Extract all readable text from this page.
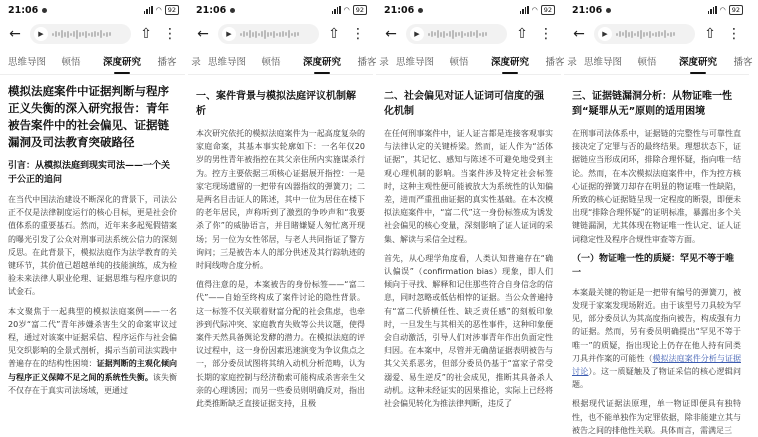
21:06	◠ 92
←	▶	⇧ ⋮
思维导图	顿悟	深度研究	播客
模拟法庭案件中证据判断与程序正义失衡的深入研究报告：青年被告案件中的社会偏见、证据链漏洞及司法教育突破路径
引言：从模拟法庭到现实司法——一个关于公正的追问
在当代中国法治建设不断深化的背景下，司法公正不仅是法律制度运行的核心目标，更是社会价值体系的重要基石。然而，近年来多起冤假错案的曝光引发了公众对刑事司法系统公信力的深刻反思。在此背景下，模拟法庭作为法学教育的关键环节，其价值已超越单纯的技能演练，成为检验未来法律人职业伦理、证据思维与程序意识的试金石。
本文聚焦于一起典型的模拟法庭案例——一名20岁“富二代”青年涉嫌杀害生父的命案审议过程，通过对该案中证据采信、程序运作与社会偏见交织影响的全景式剖析，揭示当前司法实践中普遍存在的结构性困境：证据判断的主观化倾向与程序正义保障不足之间的系统性失衡。该失衡不仅存在于真实司法场域，更通过
21:06	◠ 92
←	▶	⇧ ⋮
录 思维导图	顿悟	深度研究	播客
一、案件背景与模拟法庭评议机制解析
本次研究依托的模拟法庭案件为一起高度复杂的家庭命案，其基本事实轮廓如下：一名年仅20岁的男性青年被指控在其父亲住所内实施谋杀行为。控方主要依据三项核心证据展开指控：一是家宅现场遗留的一把带有凶器指纹的弹簧刀；二是两名目击证人的陈述，其中一位为居住在楼下的老年居民，声称听到了激烈的争吵声和“我要杀了你”的威胁语言，并目睹嫌疑人匆忙离开现场；另一位为女性邻居，与老人共同指证了警方询问；三是被告本人的部分供述及其行踪轨迹的时间线吻合度分析。
值得注意的是，本案被告的身份标签——“富二代”——自始至终构成了案件讨论的隐性背景。这一标签不仅关联着财富分配的社会焦虑，也牵涉到代际冲突、家庭教育失败等公共议题，使得案件天然具备舆论发酵的潜力。在模拟法庭的评议过程中，这一身份因素迅速演变为争议焦点之一，部分委员试图将其纳入动机分析范畴，认为长期的家庭控制与经济勒索可能构成杀害亲生父亲的心理诱因；而另一些委员则明确反对，指出此类推断缺乏直接证据支持，且极
21:06	◠ 92
←	▶	⇧ ⋮
录 思维导图	顿悟	深度研究	播客
二、社会偏见对证人证词可信度的强化机制
在任何刑事案件中，证人证言都是连接客观事实与法律认定的关键桥梁。然而，证人作为“活体证据”，其记忆、感知与陈述不可避免地受到主观心理机制的影响。当案件涉及特定社会标签时，这种主观性便可能被放大为系统性的认知偏差，进而严重扭曲证据的真实性基础。在本次模拟法庭案件中，“富二代”这一身份标签成为诱发社会偏见的核心变量，深刻影响了证人证词的采集、解读与采信全过程。
首先，从心理学角度看，人类认知普遍存在“确认偏误”（confirmation bias）现象，即人们倾向于寻找、解释和记住那些符合自身信念的信息，同时忽略或低估相悖的证据。当公众普遍持有“富二代骄横任性、缺乏责任感”的刻板印象时，一旦发生与其相关的恶性事件，这种印象便会自动激活，引导人们对涉事青年作出负面定性归因。在本案中，尽管并无确凿证据表明被告与其父关系恶劣，但部分委员仍基于“富家子常受溺爱、易生逆反”的社会成见，推断其具备杀人动机。这种未经证实的因果推论，实际上已经将社会偏见转化为推法律判断，违反了
21:06	◠ 92
←	▶	⇧ ⋮
录 思维导图	顿悟	深度研究	播客
三、证据链漏洞分析：从物证唯一性到“疑罪从无”原则的适用困境
在刑事司法体系中，证据链的完整性与可靠性直接决定了定罪与否的最终结果。理想状态下，证据链应当形成闭环，排除合理怀疑，指向唯一结论。然而，在本次模拟法庭案件中，作为控方核心证据的弹簧刀却存在明显的物证唯一性缺陷，所致的核心证据链呈现一定程度的断裂，即便未出现“排除合理怀疑”的证明标准，暴露出多个关键链漏洞，尤其体现在物证唯一性认定、证人证词稳定性及程序合规性审查等方面。
（一）物证唯一性的质疑：罕见不等于唯一
本案最关键的物证是一把带有编号的弹簧刀，被发现于家案发现场附近。由于该型号刀具较为罕见，部分委员认为其高度指向被告，构成强有力的证据。然而，另有委员明确提出“罕见不等于唯一”的质疑，指出现论上仍存在他人持有同类刀具并作案的可能性（模拟法庭案件分析与证据讨论）。这一质疑触及了物证采信的核心逻辑问题。
根据现代证据法原理，单一物证即便具有独特性，也不能单独作为定罪依据，除非能建立其与被告之间的排他性关联。具体而言，需满足三
